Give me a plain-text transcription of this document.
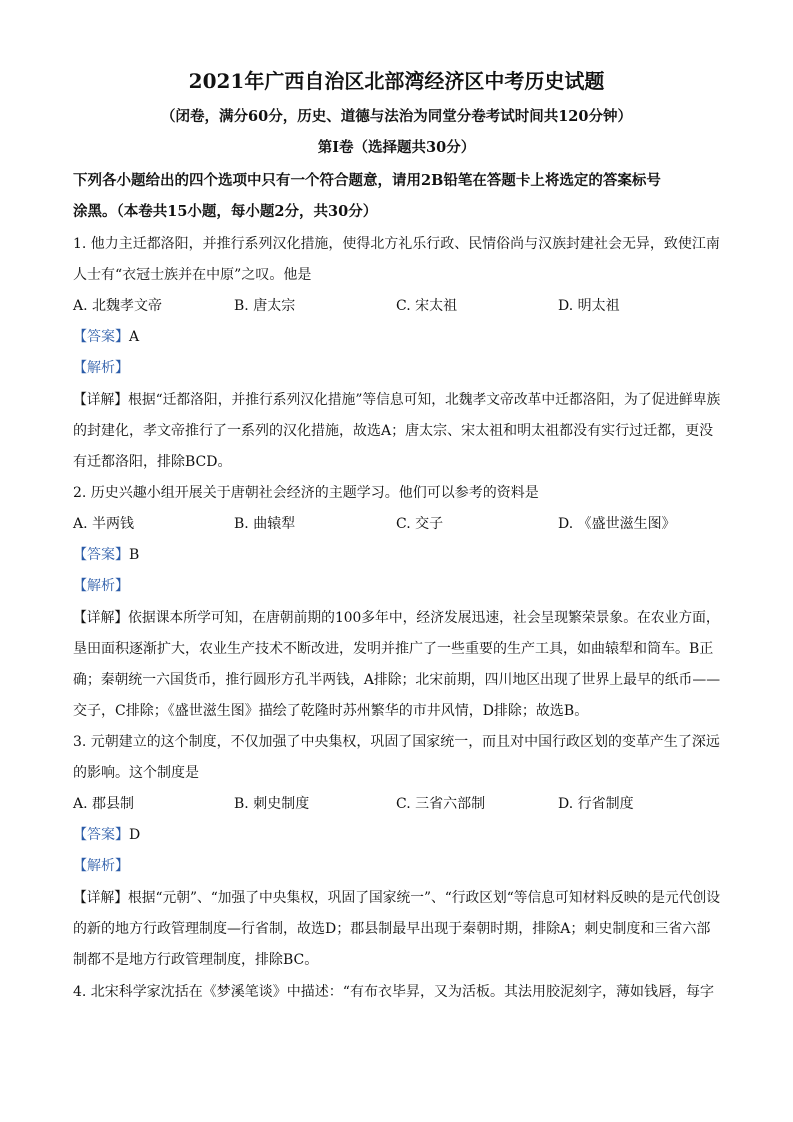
2021年广西自治区北部湾经济区中考历史试题
（闭卷，满分60分，历史、道德与法治为同堂分卷考试时间共120分钟）
第Ⅰ卷（选择题共30分）
下列各小题给出的四个选项中只有一个符合题意，请用2B铅笔在答题卡上将选定的答案标号
涂黑。（本卷共15小题，每小题2分，共30分）
1. 他力主迁都洛阳，并推行系列汉化措施，使得北方礼乐行政、民情俗尚与汉族封建社会无异，致使江南
人士有“衣冠士族并在中原”之叹。他是
A. 北魏孝文帝	B. 唐太宗	C. 宋太祖	D. 明太祖
【答案】A
【解析】
【详解】根据“迁都洛阳，并推行系列汉化措施”等信息可知，北魏孝文帝改革中迁都洛阳，为了促进鲜卑族
的封建化，孝文帝推行了一系列的汉化措施，故选A；唐太宗、宋太祖和明太祖都没有实行过迁都，更没
有迁都洛阳，排除BCD。
2. 历史兴趣小组开展关于唐朝社会经济的主题学习。他们可以参考的资料是
A. 半两钱	B. 曲辕犁	C. 交子	D. 《盛世滋生图》
【答案】B
【解析】
【详解】依据课本所学可知，在唐朝前期的100多年中，经济发展迅速，社会呈现繁荣景象。在农业方面，
垦田面积逐渐扩大，农业生产技术不断改进，发明并推广了一些重要的生产工具，如曲辕犁和筒车。B正
确；秦朝统一六国货币，推行圆形方孔半两钱，A排除；北宋前期，四川地区出现了世界上最早的纸币——
交子，C排除；《盛世滋生图》描绘了乾隆时苏州繁华的市井风情，D排除；故选B。
3. 元朝建立的这个制度，不仅加强了中央集权，巩固了国家统一，而且对中国行政区划的变革产生了深远
的影响。这个制度是
A. 郡县制	B. 刺史制度	C. 三省六部制	D. 行省制度
【答案】D
【解析】
【详解】根据“元朝”、“加强了中央集权，巩固了国家统一”、“行政区划“等信息可知材料反映的是元代创设
的新的地方行政管理制度—行省制，故选D；郡县制最早出现于秦朝时期，排除A；刺史制度和三省六部
制都不是地方行政管理制度，排除BC。
4. 北宋科学家沈括在《梦溪笔谈》中描述：“有布衣毕昇，又为活板。其法用胶泥刻字，薄如钱唇，每字
